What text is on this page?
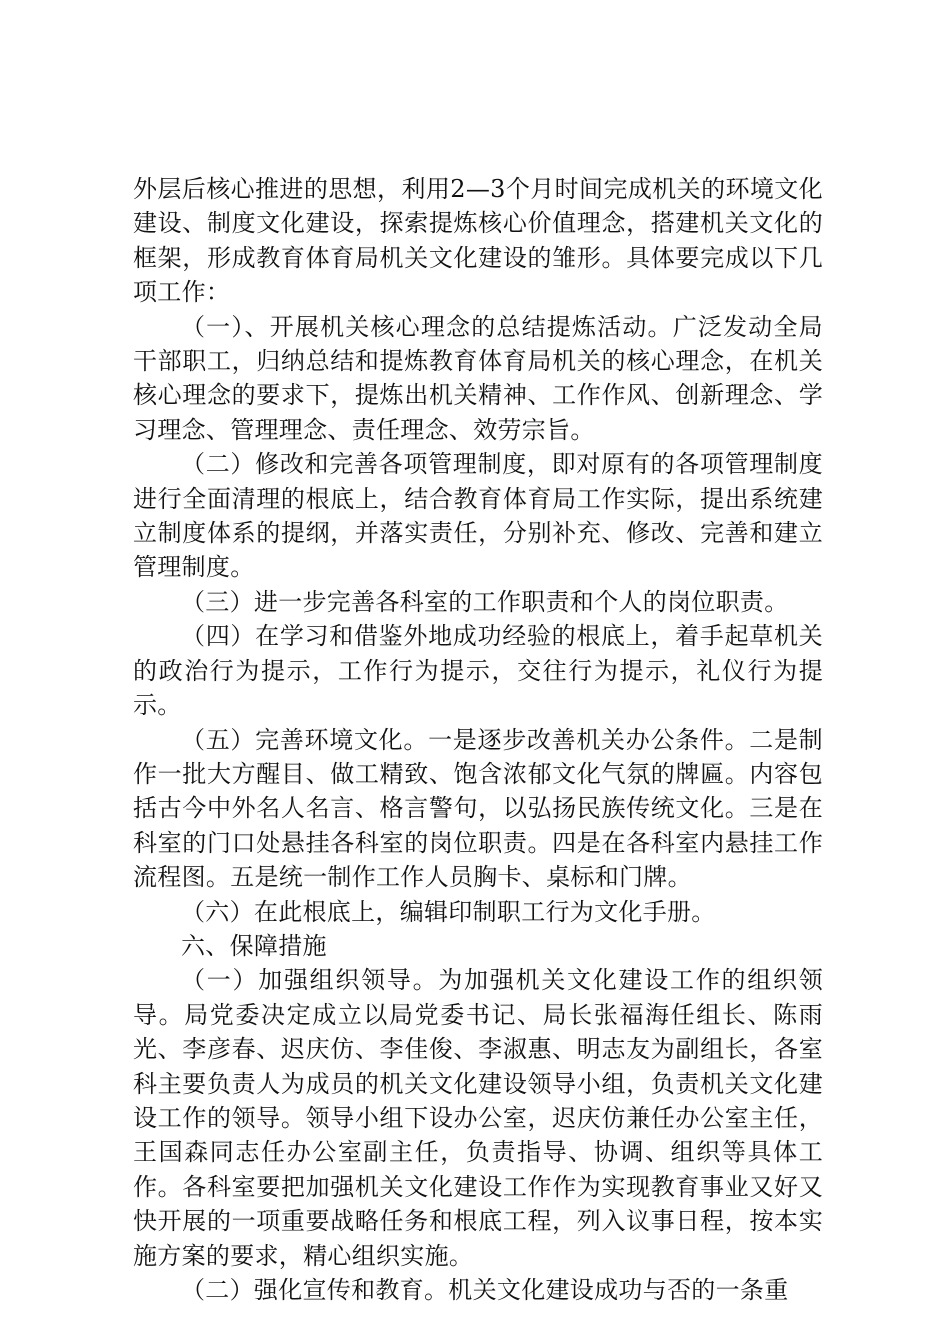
外层后核心推进的思想，利用2—3个月时间完成机关的环境文化建设、制度文化建设，探索提炼核心价值理念，搭建机关文化的框架，形成教育体育局机关文化建设的雏形。具体要完成以下几项工作：

（一）、开展机关核心理念的总结提炼活动。广泛发动全局干部职工，归纳总结和提炼教育体育局机关的核心理念，在机关核心理念的要求下，提炼出机关精神、工作作风、创新理念、学习理念、管理理念、责任理念、效劳宗旨。

（二）修改和完善各项管理制度，即对原有的各项管理制度进行全面清理的根底上，结合教育体育局工作实际，提出系统建立制度体系的提纲，并落实责任，分别补充、修改、完善和建立管理制度。

（三）进一步完善各科室的工作职责和个人的岗位职责。

（四）在学习和借鉴外地成功经验的根底上，着手起草机关的政治行为提示，工作行为提示，交往行为提示，礼仪行为提示。

（五）完善环境文化。一是逐步改善机关办公条件。二是制作一批大方醒目、做工精致、饱含浓郁文化气氛的牌匾。内容包括古今中外名人名言、格言警句，以弘扬民族传统文化。三是在科室的门口处悬挂各科室的岗位职责。四是在各科室内悬挂工作流程图。五是统一制作工作人员胸卡、桌标和门牌。

（六）在此根底上，编辑印制职工行为文化手册。

六、保障措施

（一）加强组织领导。为加强机关文化建设工作的组织领导。局党委决定成立以局党委书记、局长张福海任组长、陈雨光、李彦春、迟庆仿、李佳俊、李淑惠、明志友为副组长，各室科主要负责人为成员的机关文化建设领导小组，负责机关文化建设工作的领导。领导小组下设办公室，迟庆仿兼任办公室主任，王国森同志任办公室副主任，负责指导、协调、组织等具体工作。各科室要把加强机关文化建设工作作为实现教育事业又好又快开展的一项重要战略任务和根底工程，列入议事日程，按本实施方案的要求，精心组织实施。

（二）强化宣传和教育。机关文化建设成功与否的一条重
